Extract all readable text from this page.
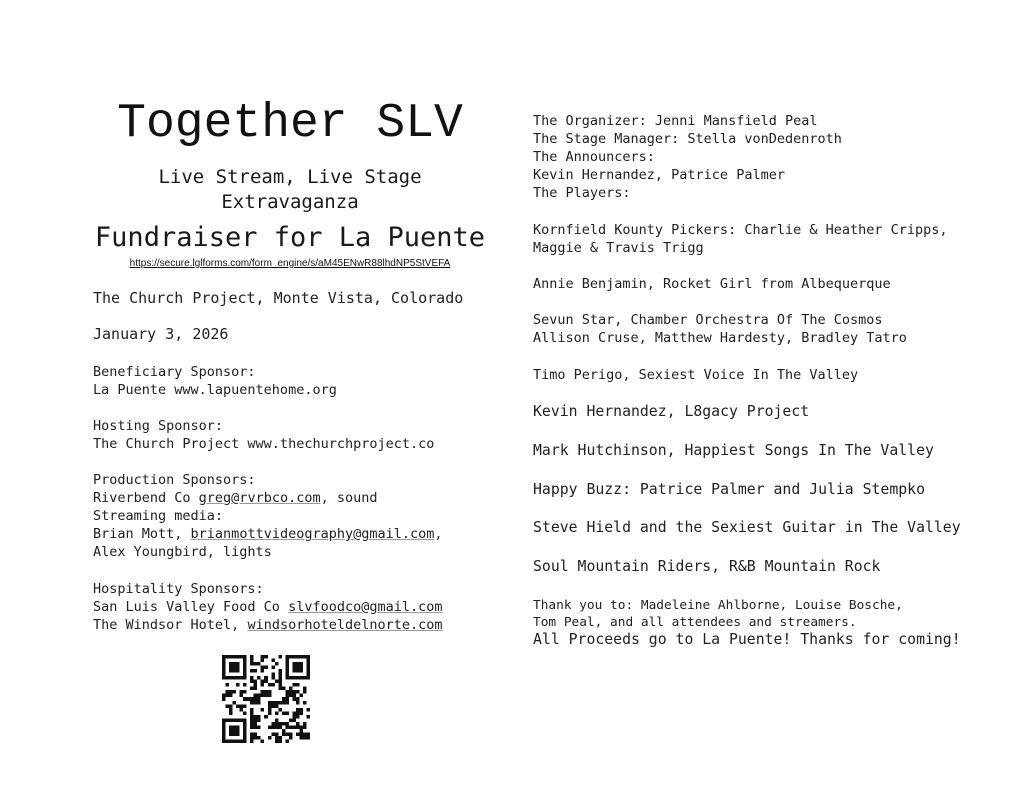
Together SLV
Live Stream, Live Stage
Extravaganza
Fundraiser for La Puente
https://secure.lglforms.com/form_engine/s/aM45ENwR88lhdNP5StVEFA
The Church Project, Monte Vista, Colorado
January 3, 2026
Beneficiary Sponsor:
La Puente www.lapuentehome.org
Hosting Sponsor:
The Church Project www.thechurchproject.co
Production Sponsors:
Riverbend Co greg@rvrbco.com, sound
Streaming media:
Brian Mott, brianmottvideography@gmail.com,
Alex Youngbird, lights
Hospitality Sponsors:
San Luis Valley Food Co slvfoodco@gmail.com
The Windsor Hotel, windsorhoteldelnorte.com
The Organizer: Jenni Mansfield Peal
The Stage Manager: Stella vonDedenroth
The Announcers:
Kevin Hernandez, Patrice Palmer
The Players:
Kornfield Kounty Pickers: Charlie & Heather Cripps,
Maggie & Travis Trigg
Annie Benjamin, Rocket Girl from Albequerque
Sevun Star, Chamber Orchestra Of The Cosmos
Allison Cruse, Matthew Hardesty, Bradley Tatro
Timo Perigo, Sexiest Voice In The Valley
Kevin Hernandez, L8gacy Project
Mark Hutchinson, Happiest Songs In The Valley
Happy Buzz: Patrice Palmer and Julia Stempko
Steve Hield and the Sexiest Guitar in The Valley
Soul Mountain Riders, R&B Mountain Rock
Thank you to: Madeleine Ahlborne, Louise Bosche,
Tom Peal, and all attendees and streamers.
All Proceeds go to La Puente! Thanks for coming!
